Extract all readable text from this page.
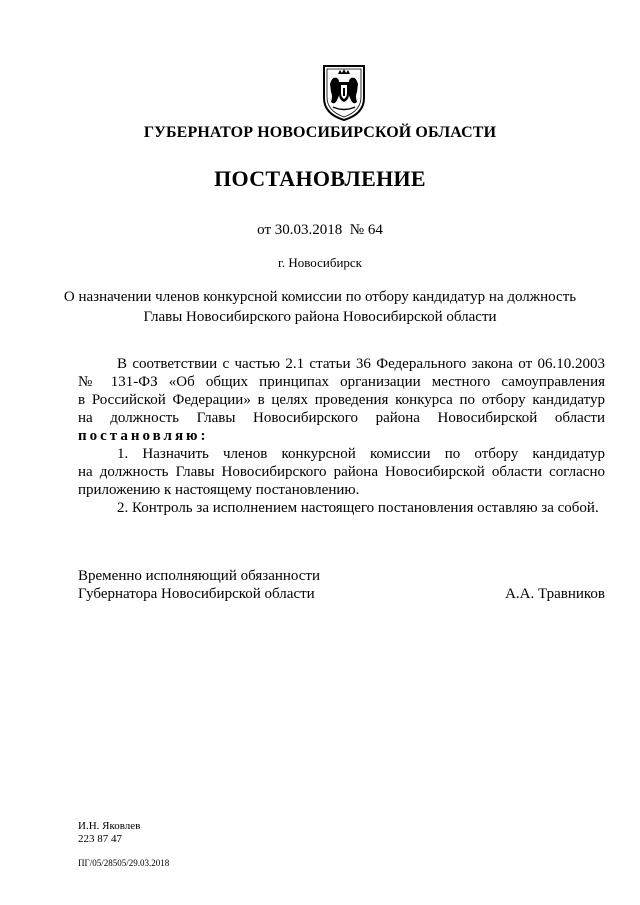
ГУБЕРНАТОР НОВОСИБИРСКОЙ ОБЛАСТИ
ПОСТАНОВЛЕНИЕ
от 30.03.2018  № 64
г. Новосибирск
О назначении членов конкурсной комиссии по отбору кандидатур на должность
Главы Новосибирского района Новосибирской области
В соответствии с частью 2.1 статьи 36 Федерального закона от 06.10.2003
№ 131-ФЗ «Об общих принципах организации местного самоуправления
в Российской Федерации» в целях проведения конкурса по отбору кандидатур
на должность Главы Новосибирского района Новосибирской области
постановляю:
1. Назначить членов конкурсной комиссии по отбору кандидатур
на должность Главы Новосибирского района Новосибирской области согласно
приложению к настоящему постановлению.
2. Контроль за исполнением настоящего постановления оставляю за собой.
Временно исполняющий обязанности
Губернатора Новосибирской области	А.А. Травников
И.Н. Яковлев
223 87 47
ПГ/05/28505/29.03.2018
